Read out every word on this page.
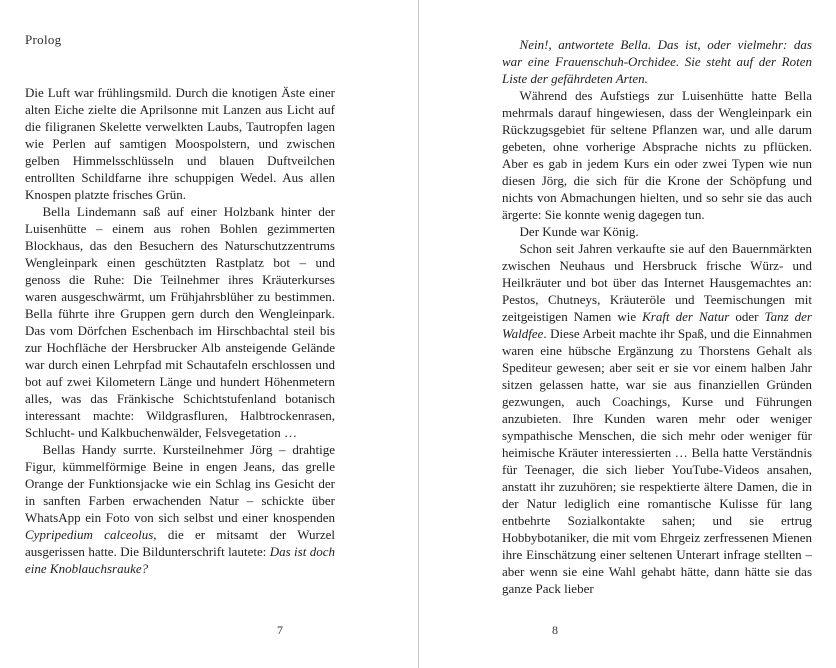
Prolog

Die Luft war frühlingsmild. Durch die knotigen Äste einer alten Eiche zielte die Aprilsonne mit Lanzen aus Licht auf die filigranen Skelette verwelkten Laubs, Tautropfen lagen wie Perlen auf samtigen Moospolstern, und zwischen gelben Himmelsschlüsseln und blauen Duftveilchen entrollten Schildfarne ihre schuppigen Wedel. Aus allen Knospen platzte frisches Grün.

Bella Lindemann saß auf einer Holzbank hinter der Luisenhütte – einem aus rohen Bohlen gezimmerten Blockhaus, das den Besuchern des Naturschutzzentrums Wengleinpark einen geschützten Rastplatz bot – und genoss die Ruhe: Die Teilnehmer ihres Kräuterkurses waren ausgeschwärmt, um Frühjahrsblüher zu bestimmen. Bella führte ihre Gruppen gern durch den Wengleinpark. Das vom Dörfchen Eschenbach im Hirschbachtal steil bis zur Hochfläche der Hersbrucker Alb ansteigende Gelände war durch einen Lehrpfad mit Schautafeln erschlossen und bot auf zwei Kilometern Länge und hundert Höhenmetern alles, was das Fränkische Schichtstufenland botanisch interessant machte: Wildgrasfluren, Halbtrockenrasen, Schlucht- und Kalkbuchenwälder, Felsvegetation …

Bellas Handy surrte. Kursteilnehmer Jörg – drahtige Figur, kümmelförmige Beine in engen Jeans, das grelle Orange der Funktionsjacke wie ein Schlag ins Gesicht der in sanften Farben erwachenden Natur – schickte über WhatsApp ein Foto von sich selbst und einer knospenden Cypripedium calceolus, die er mitsamt der Wurzel ausgerissen hatte. Die Bildunterschrift lautete: Das ist doch eine Knoblauchsrauke?

7

Nein!, antwortete Bella. Das ist, oder vielmehr: das war eine Frauenschuh-Orchidee. Sie steht auf der Roten Liste der gefährdeten Arten.

Während des Aufstiegs zur Luisenhütte hatte Bella mehrmals darauf hingewiesen, dass der Wengleinpark ein Rückzugsgebiet für seltene Pflanzen war, und alle darum gebeten, ohne vorherige Absprache nichts zu pflücken. Aber es gab in jedem Kurs ein oder zwei Typen wie nun diesen Jörg, die sich für die Krone der Schöpfung und nichts von Abmachungen hielten, und so sehr sie das auch ärgerte: Sie konnte wenig dagegen tun.

Der Kunde war König.

Schon seit Jahren verkaufte sie auf den Bauernmärkten zwischen Neuhaus und Hersbruck frische Würz- und Heilkräuter und bot über das Internet Hausgemachtes an: Pestos, Chutneys, Kräuteröle und Teemischungen mit zeitgeistigen Namen wie Kraft der Natur oder Tanz der Waldfee. Diese Arbeit machte ihr Spaß, und die Einnahmen waren eine hübsche Ergänzung zu Thorstens Gehalt als Spediteur gewesen; aber seit er sie vor einem halben Jahr sitzen gelassen hatte, war sie aus finanziellen Gründen gezwungen, auch Coachings, Kurse und Führungen anzubieten. Ihre Kunden waren mehr oder weniger sympathische Menschen, die sich mehr oder weniger für heimische Kräuter interessierten … Bella hatte Verständnis für Teenager, die sich lieber YouTube-Videos ansahen, anstatt ihr zuzuhören; sie respektierte ältere Damen, die in der Natur lediglich eine romantische Kulisse für lang entbehrte Sozialkontakte sahen; und sie ertrug Hobbybotaniker, die mit vom Ehrgeiz zerfressenen Mienen ihre Einschätzung einer seltenen Unterart infrage stellten – aber wenn sie eine Wahl gehabt hätte, dann hätte sie das ganze Pack lieber

8
